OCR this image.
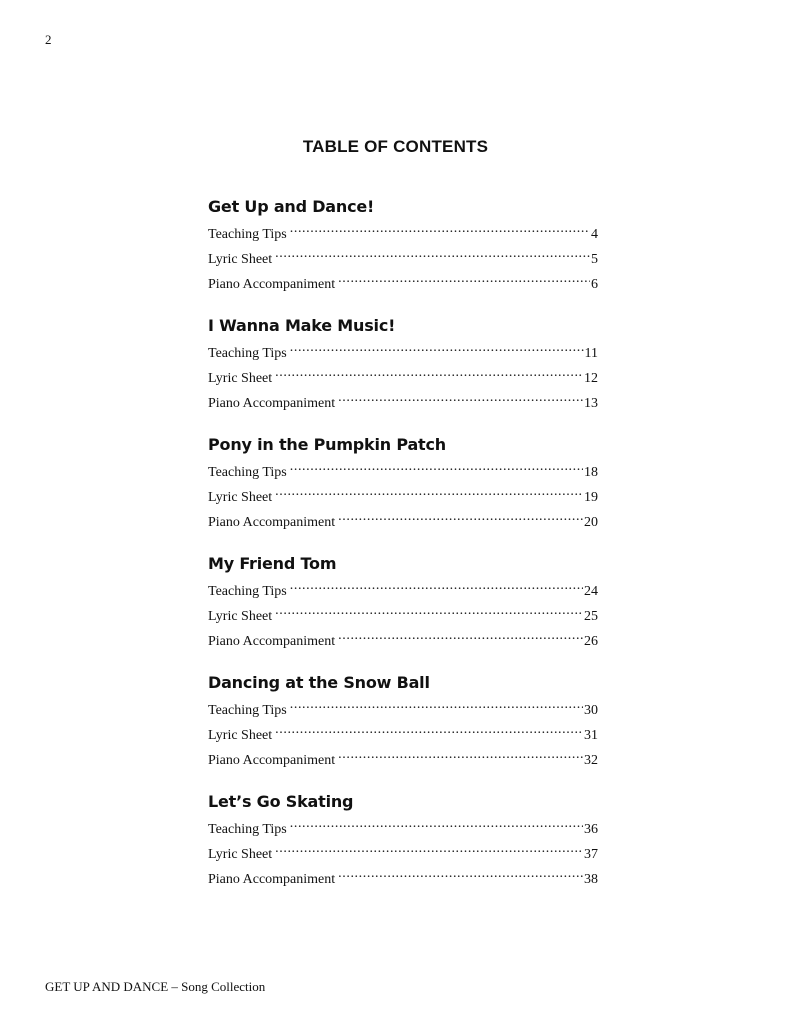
2
TABLE OF CONTENTS
Get Up and Dance!
Teaching Tips .....	4
Lyric Sheet .....	5
Piano Accompaniment .....	6
I Wanna Make Music!
Teaching Tips .....	11
Lyric Sheet .....	12
Piano Accompaniment .....	13
Pony in the Pumpkin Patch
Teaching Tips .....	18
Lyric Sheet .....	19
Piano Accompaniment .....	20
My Friend Tom
Teaching Tips .....	24
Lyric Sheet .....	25
Piano Accompaniment .....	26
Dancing at the Snow Ball
Teaching Tips .....	30
Lyric Sheet .....	31
Piano Accompaniment .....	32
Let’s Go Skating
Teaching Tips .....	36
Lyric Sheet .....	37
Piano Accompaniment .....	38
GET UP AND DANCE – Song Collection
